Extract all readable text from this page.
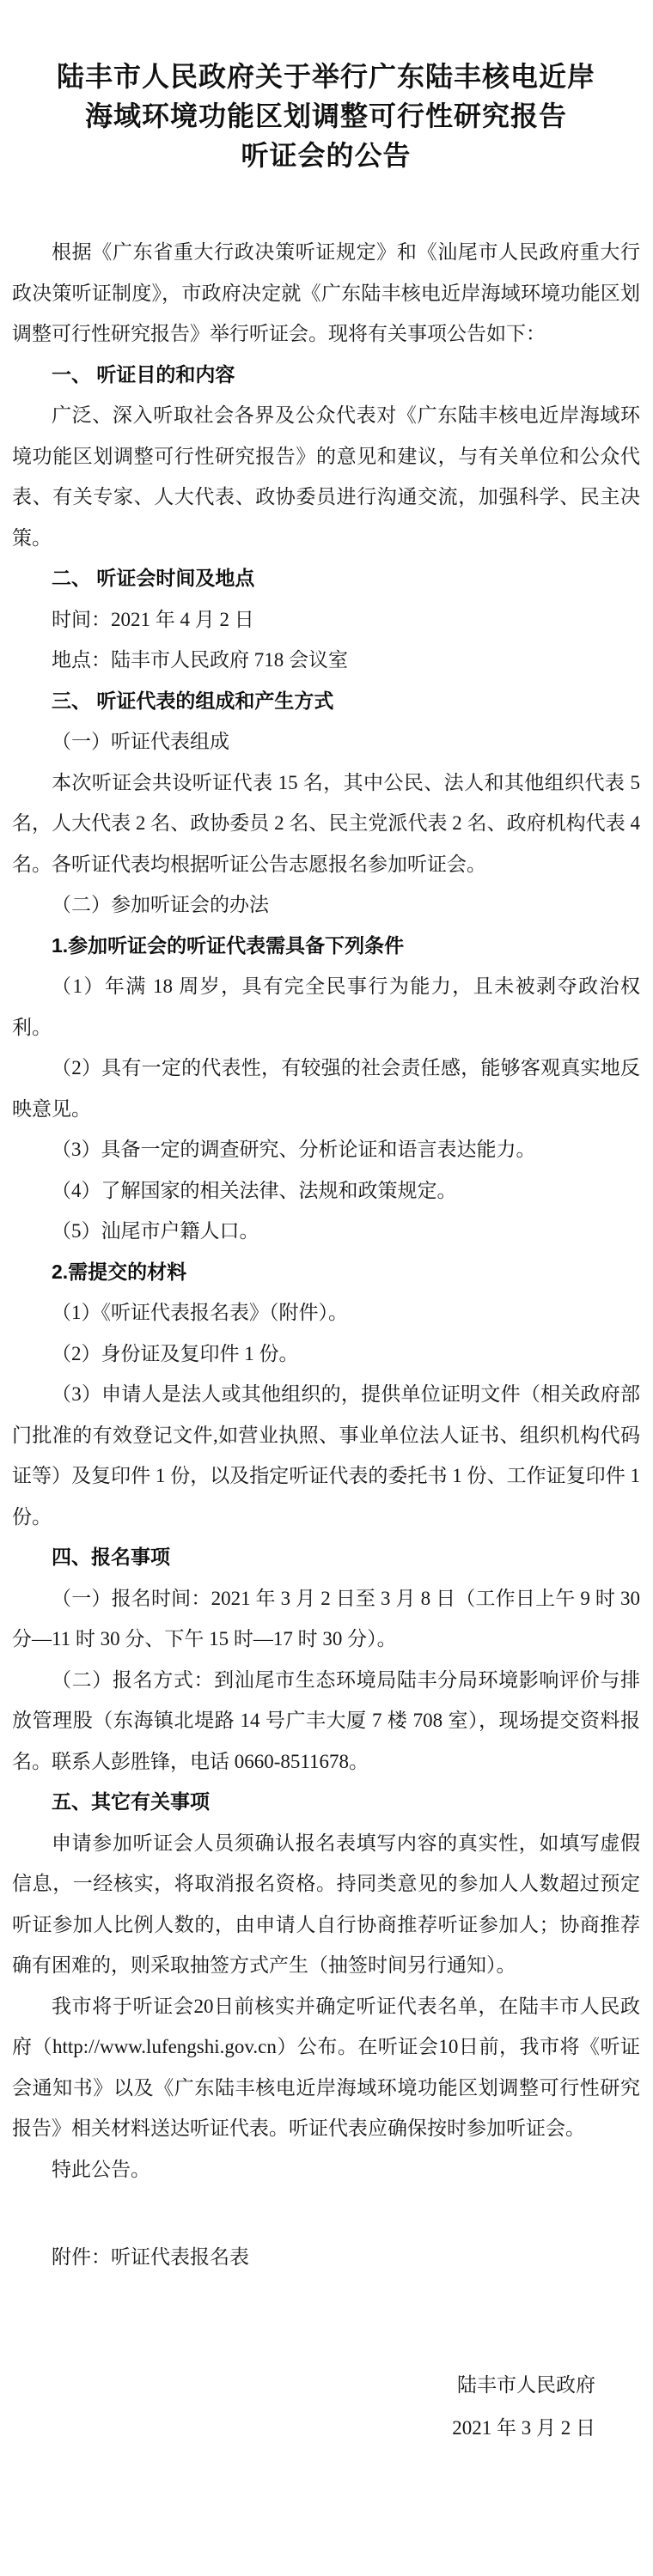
陆丰市人民政府关于举行广东陆丰核电近岸
海域环境功能区划调整可行性研究报告
听证会的公告

根据《广东省重大行政决策听证规定》和《汕尾市人民政府重大行政决策听证制度》，市政府决定就《广东陆丰核电近岸海域环境功能区划调整可行性研究报告》举行听证会。现将有关事项公告如下：

一、 听证目的和内容

广泛、深入听取社会各界及公众代表对《广东陆丰核电近岸海域环境功能区划调整可行性研究报告》的意见和建议，与有关单位和公众代表、有关专家、人大代表、政协委员进行沟通交流，加强科学、民主决策。

二、 听证会时间及地点

时间：2021 年 4 月 2 日

地点：陆丰市人民政府 718 会议室

三、 听证代表的组成和产生方式

（一）听证代表组成

本次听证会共设听证代表 15 名，其中公民、法人和其他组织代表 5 名，人大代表 2 名、政协委员 2 名、民主党派代表 2 名、政府机构代表 4 名。各听证代表均根据听证公告志愿报名参加听证会。

（二）参加听证会的办法

1.参加听证会的听证代表需具备下列条件

（1）年满 18 周岁，具有完全民事行为能力，且未被剥夺政治权利。

（2）具有一定的代表性，有较强的社会责任感，能够客观真实地反映意见。

（3）具备一定的调查研究、分析论证和语言表达能力。

（4）了解国家的相关法律、法规和政策规定。

（5）汕尾市户籍人口。

2.需提交的材料

（1）《听证代表报名表》（附件）。

（2）身份证及复印件 1 份。

（3）申请人是法人或其他组织的，提供单位证明文件（相关政府部门批准的有效登记文件,如营业执照、事业单位法人证书、组织机构代码证等）及复印件 1 份，以及指定听证代表的委托书 1 份、工作证复印件 1 份。

四、报名事项

（一）报名时间：2021 年 3 月 2 日至 3 月 8 日（工作日上午 9 时 30 分—11 时 30 分、下午 15 时—17 时 30 分）。

（二）报名方式：到汕尾市生态环境局陆丰分局环境影响评价与排放管理股（东海镇北堤路 14 号广丰大厦 7 楼 708 室），现场提交资料报名。联系人彭胜锋，电话 0660-8511678。

五、其它有关事项

申请参加听证会人员须确认报名表填写内容的真实性，如填写虚假信息，一经核实，将取消报名资格。持同类意见的参加人人数超过预定听证参加人比例人数的，由申请人自行协商推荐听证参加人；协商推荐确有困难的，则采取抽签方式产生（抽签时间另行通知）。

我市将于听证会20日前核实并确定听证代表名单，在陆丰市人民政府（http://www.lufengshi.gov.cn）公布。在听证会10日前，我市将《听证会通知书》以及《广东陆丰核电近岸海域环境功能区划调整可行性研究报告》相关材料送达听证代表。听证代表应确保按时参加听证会。

特此公告。

附件：听证代表报名表
陆丰市人民政府
2021 年 3 月 2 日
